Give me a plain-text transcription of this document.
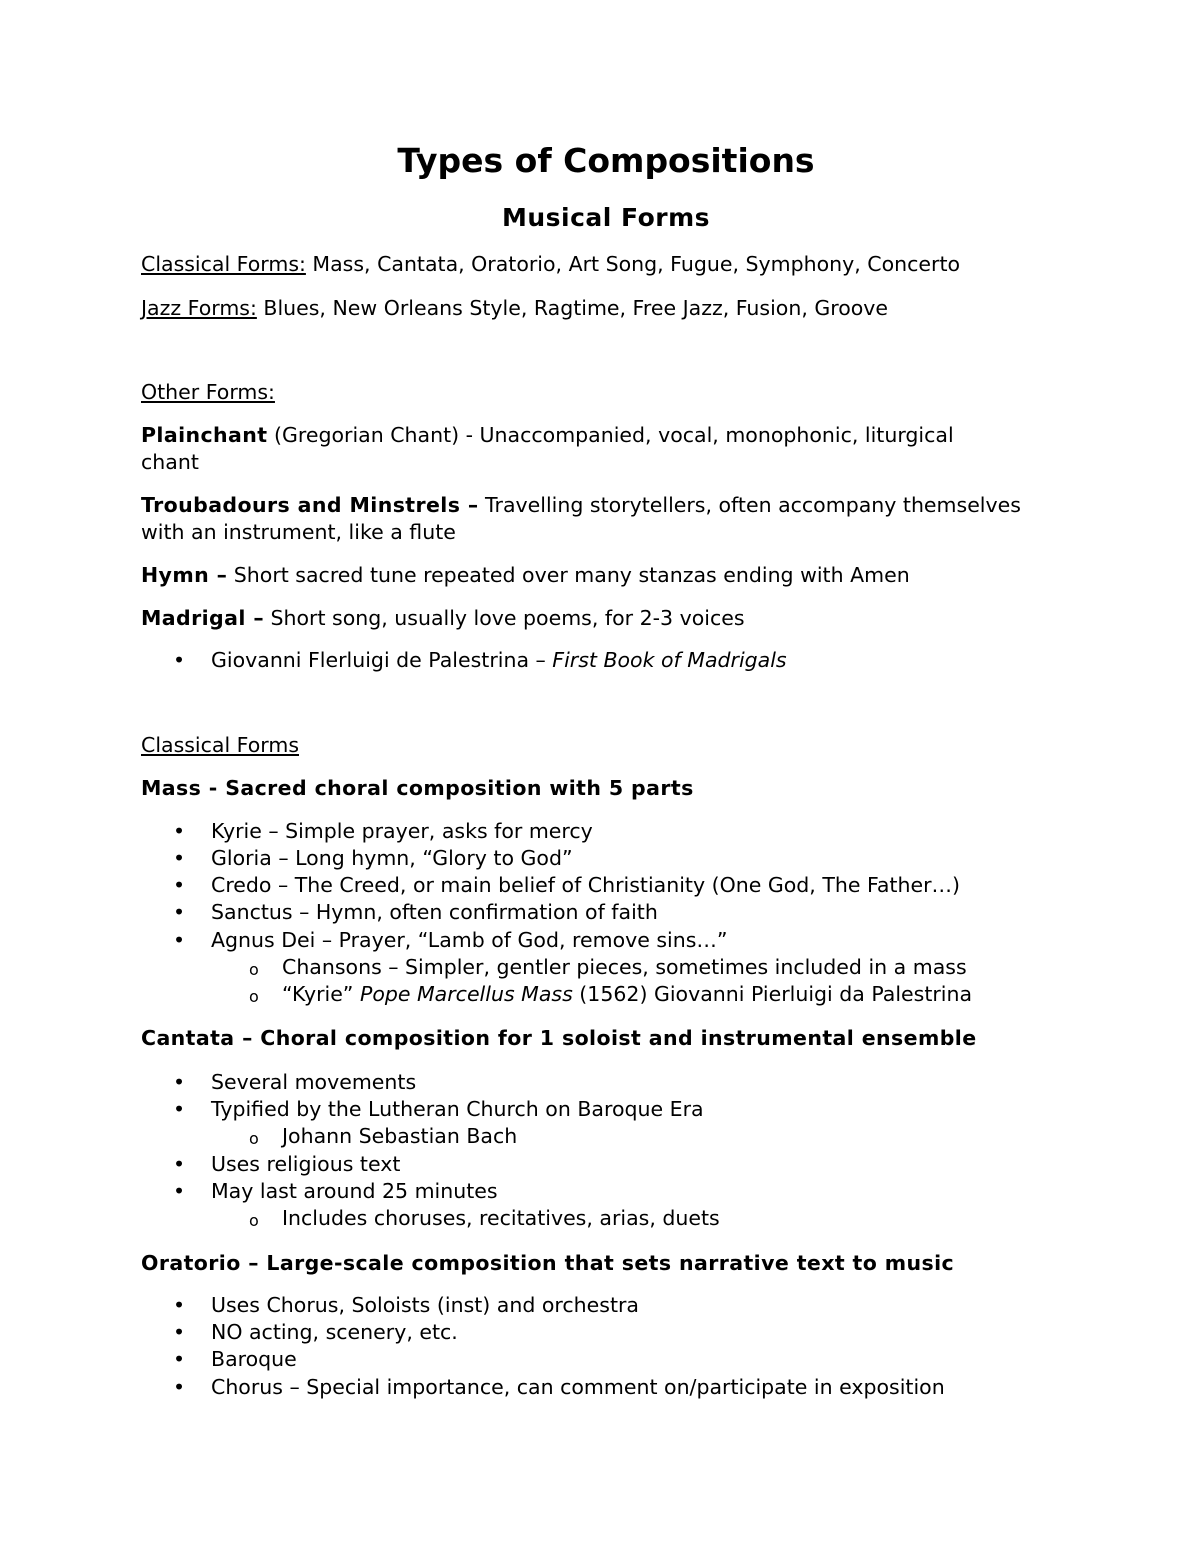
Types of Compositions
Musical Forms

Classical Forms: Mass, Cantata, Oratorio, Art Song, Fugue, Symphony, Concerto

Jazz Forms: Blues, New Orleans Style, Ragtime, Free Jazz, Fusion, Groove

Other Forms:

Plainchant (Gregorian Chant) - Unaccompanied, vocal, monophonic, liturgical

chant

Troubadours and Minstrels – Travelling storytellers, often accompany themselves

with an instrument, like a flute

Hymn – Short sacred tune repeated over many stanzas ending with Amen

Madrigal – Short song, usually love poems, for 2-3 voices

• Giovanni Flerluigi de Palestrina – First Book of Madrigals

Classical Forms

Mass - Sacred choral composition with 5 parts

• Kyrie – Simple prayer, asks for mercy

• Gloria – Long hymn, “Glory to God”

• Credo – The Creed, or main belief of Christianity (One God, The Father…)

• Sanctus – Hymn, often confirmation of faith

• Agnus Dei – Prayer, “Lamb of God, remove sins…”

o Chansons – Simpler, gentler pieces, sometimes included in a mass

o “Kyrie” Pope Marcellus Mass (1562) Giovanni Pierluigi da Palestrina

Cantata – Choral composition for 1 soloist and instrumental ensemble

• Several movements

• Typified by the Lutheran Church on Baroque Era

o Johann Sebastian Bach

• Uses religious text

• May last around 25 minutes

o Includes choruses, recitatives, arias, duets

Oratorio – Large-scale composition that sets narrative text to music

• Uses Chorus, Soloists (inst) and orchestra

• NO acting, scenery, etc.

• Baroque

• Chorus – Special importance, can comment on/participate in exposition
